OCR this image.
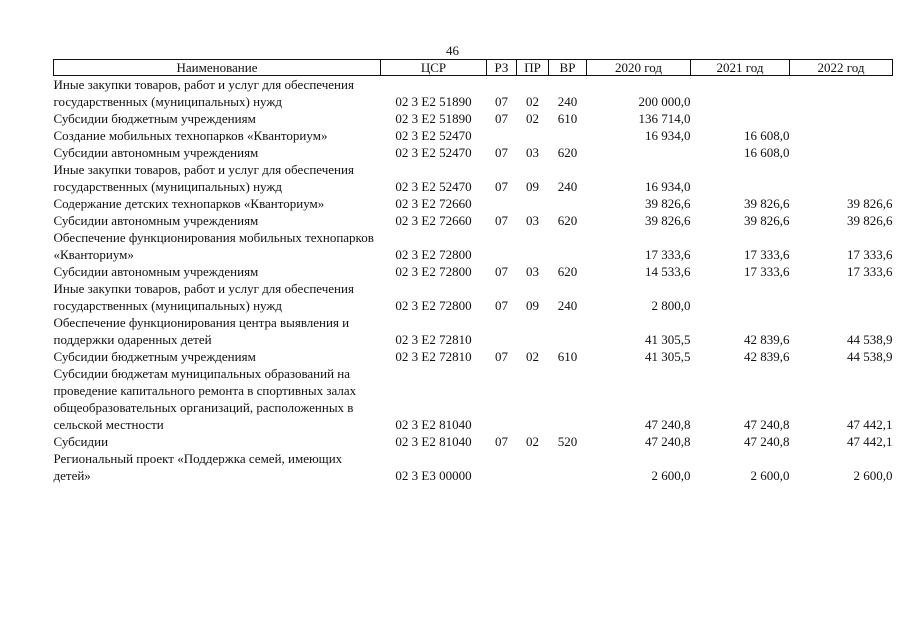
46
Наименование	ЦСР	РЗ	ПР	ВР	2020 год	2021 год	2022 год
Иные закупки товаров, работ и услуг для обеспечения государственных (муниципальных) нужд	02 3 Е2 51890	07	02	240	200 000,0		
Субсидии бюджетным учреждениям	02 3 Е2 51890	07	02	610	136 714,0		
Создание мобильных технопарков «Кванториум»	02 3 Е2 52470				16 934,0	16 608,0	
Субсидии автономным учреждениям	02 3 Е2 52470	07	03	620		16 608,0	
Иные закупки товаров, работ и услуг для обеспечения государственных (муниципальных) нужд	02 3 Е2 52470	07	09	240	16 934,0		
Содержание детских технопарков «Кванториум»	02 3 Е2 72660				39 826,6	39 826,6	39 826,6
Субсидии автономным учреждениям	02 3 Е2 72660	07	03	620	39 826,6	39 826,6	39 826,6
Обеспечение функционирования мобильных технопарков «Кванториум»	02 3 Е2 72800				17 333,6	17 333,6	17 333,6
Субсидии автономным учреждениям	02 3 Е2 72800	07	03	620	14 533,6	17 333,6	17 333,6
Иные закупки товаров, работ и услуг для обеспечения государственных (муниципальных) нужд	02 3 Е2 72800	07	09	240	2 800,0		
Обеспечение функционирования центра выявления и поддержки одаренных детей	02 3 Е2 72810				41 305,5	42 839,6	44 538,9
Субсидии бюджетным учреждениям	02 3 Е2 72810	07	02	610	41 305,5	42 839,6	44 538,9
Субсидии бюджетам муниципальных образований на проведение капитального ремонта в спортивных залах общеобразовательных организаций, расположенных в сельской местности	02 3 Е2 81040				47 240,8	47 240,8	47 442,1
Субсидии	02 3 Е2 81040	07	02	520	47 240,8	47 240,8	47 442,1
Региональный проект «Поддержка семей, имеющих детей»	02 3 Е3 00000				2 600,0	2 600,0	2 600,0
